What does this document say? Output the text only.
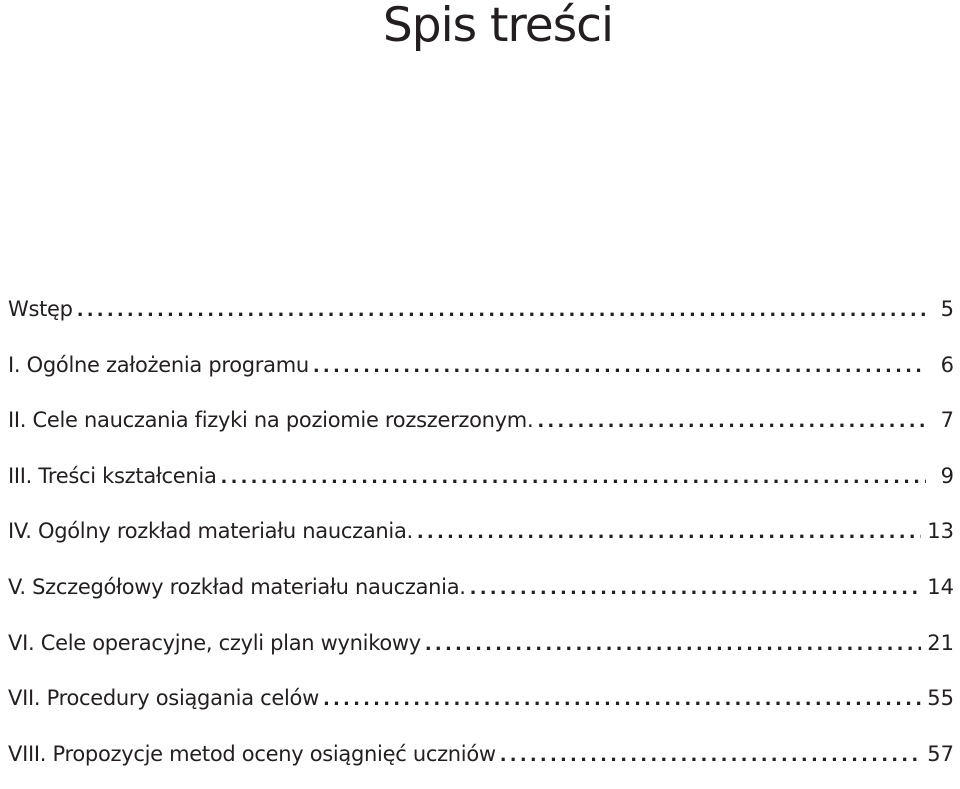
Spis treści
Wstęp .....	5
I. Ogólne założenia programu .....	6
II. Cele nauczania fizyki na poziomie rozszerzonym. .....	7
III. Treści kształcenia .....	9
IV. Ogólny rozkład materiału nauczania. .....	13
V. Szczegółowy rozkład materiału nauczania. .....	14
VI. Cele operacyjne, czyli plan wynikowy .....	21
VII. Procedury osiągania celów .....	55
VIII. Propozycje metod oceny osiągnięć uczniów .....	57
